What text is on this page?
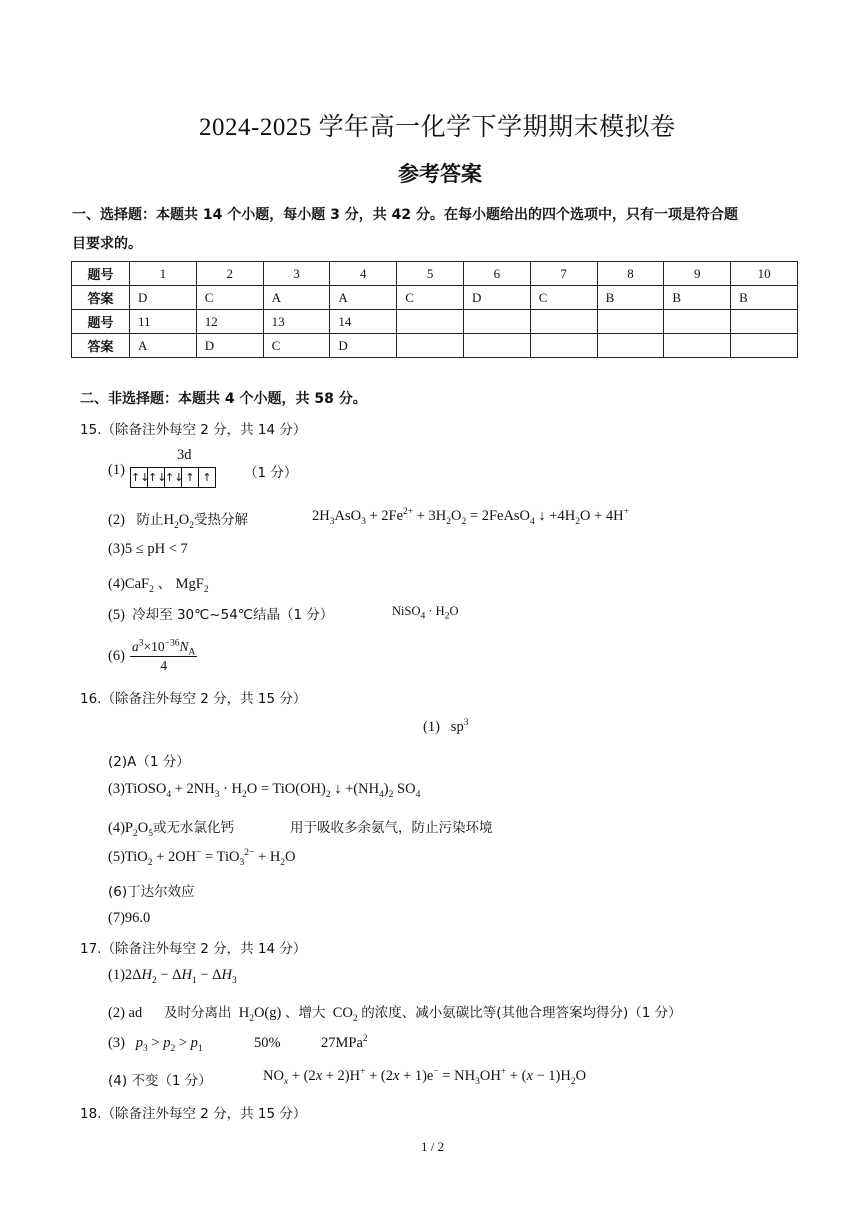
2024-2025 学年高一化学下学期期末模拟卷
参考答案
一、选择题：本题共 14 个小题，每小题 3 分，共 42 分。在每小题给出的四个选项中，只有一项是符合题
目要求的。
题号	1	2	3	4	5	6	7	8	9	10
答案	D	C	A	A	C	D	C	B	B	B
题号	11	12	13	14						
答案	A	D	C	D						
二、非选择题：本题共 4 个小题，共 58 分。
15.（除备注外每空 2 分，共 14 分）
3d
(1) ↑↓
↑↓
↑↓ ↑ ↑ （1 分）
(2) 防止$H_2O_2$受热分解	$2H_3AsO_3 + 2Fe^{2+} + 3H_2O_2$ = 2FeAsO$_4$ ↓ $+4H_2O + 4H^+$
(3)5 ≤ pH < 7
(4)CaF$_2$ 、 MgF$_2$
(5) 冷却至 30℃~54℃结晶（1 分）	NiSO$_4$ · $H_2O$
$(6) \frac{a^3\times 10^{-36}N_A}{4}$
16.（除备注外每空 2 分，共 15 分）
(1)   $sp^3$
(2)A（1 分）
(3)TiOSO$_4$ + $2NH_3 \cdot H_2O = TiO(OH)_2$ ↓ $+(NH_4)_2$ $SO_4$
$(4)P_2O_5$或无水氯化钙	用于吸收多余氨气，防止污染环境
$(5)TiO_2 + 2OH^- = TiO_3^{2-} + H_2O$
(6)丁达尔效应
(7)96.0
17.（除备注外每空 2 分，共 14 分）
$(1)2\Delta H_2 - \Delta H_1 - \Delta H_3$
(2) ad 及时分离出  $H_2O(g)$ 、增大  $CO_2$ 的浓度、减小氨碳比等(其他合理答案均得分)（1 分）
(3) $p_3 > p_2 > p_1$	50%	27MPa$^2$
(4) 不变（1 分）	$NO_x + (2x + 2)H^+ + (2x + 1)e^- = NH_3OH^+ + (x - 1)H_2O$
18.（除备注外每空 2 分，共 15 分）
1 / 2
